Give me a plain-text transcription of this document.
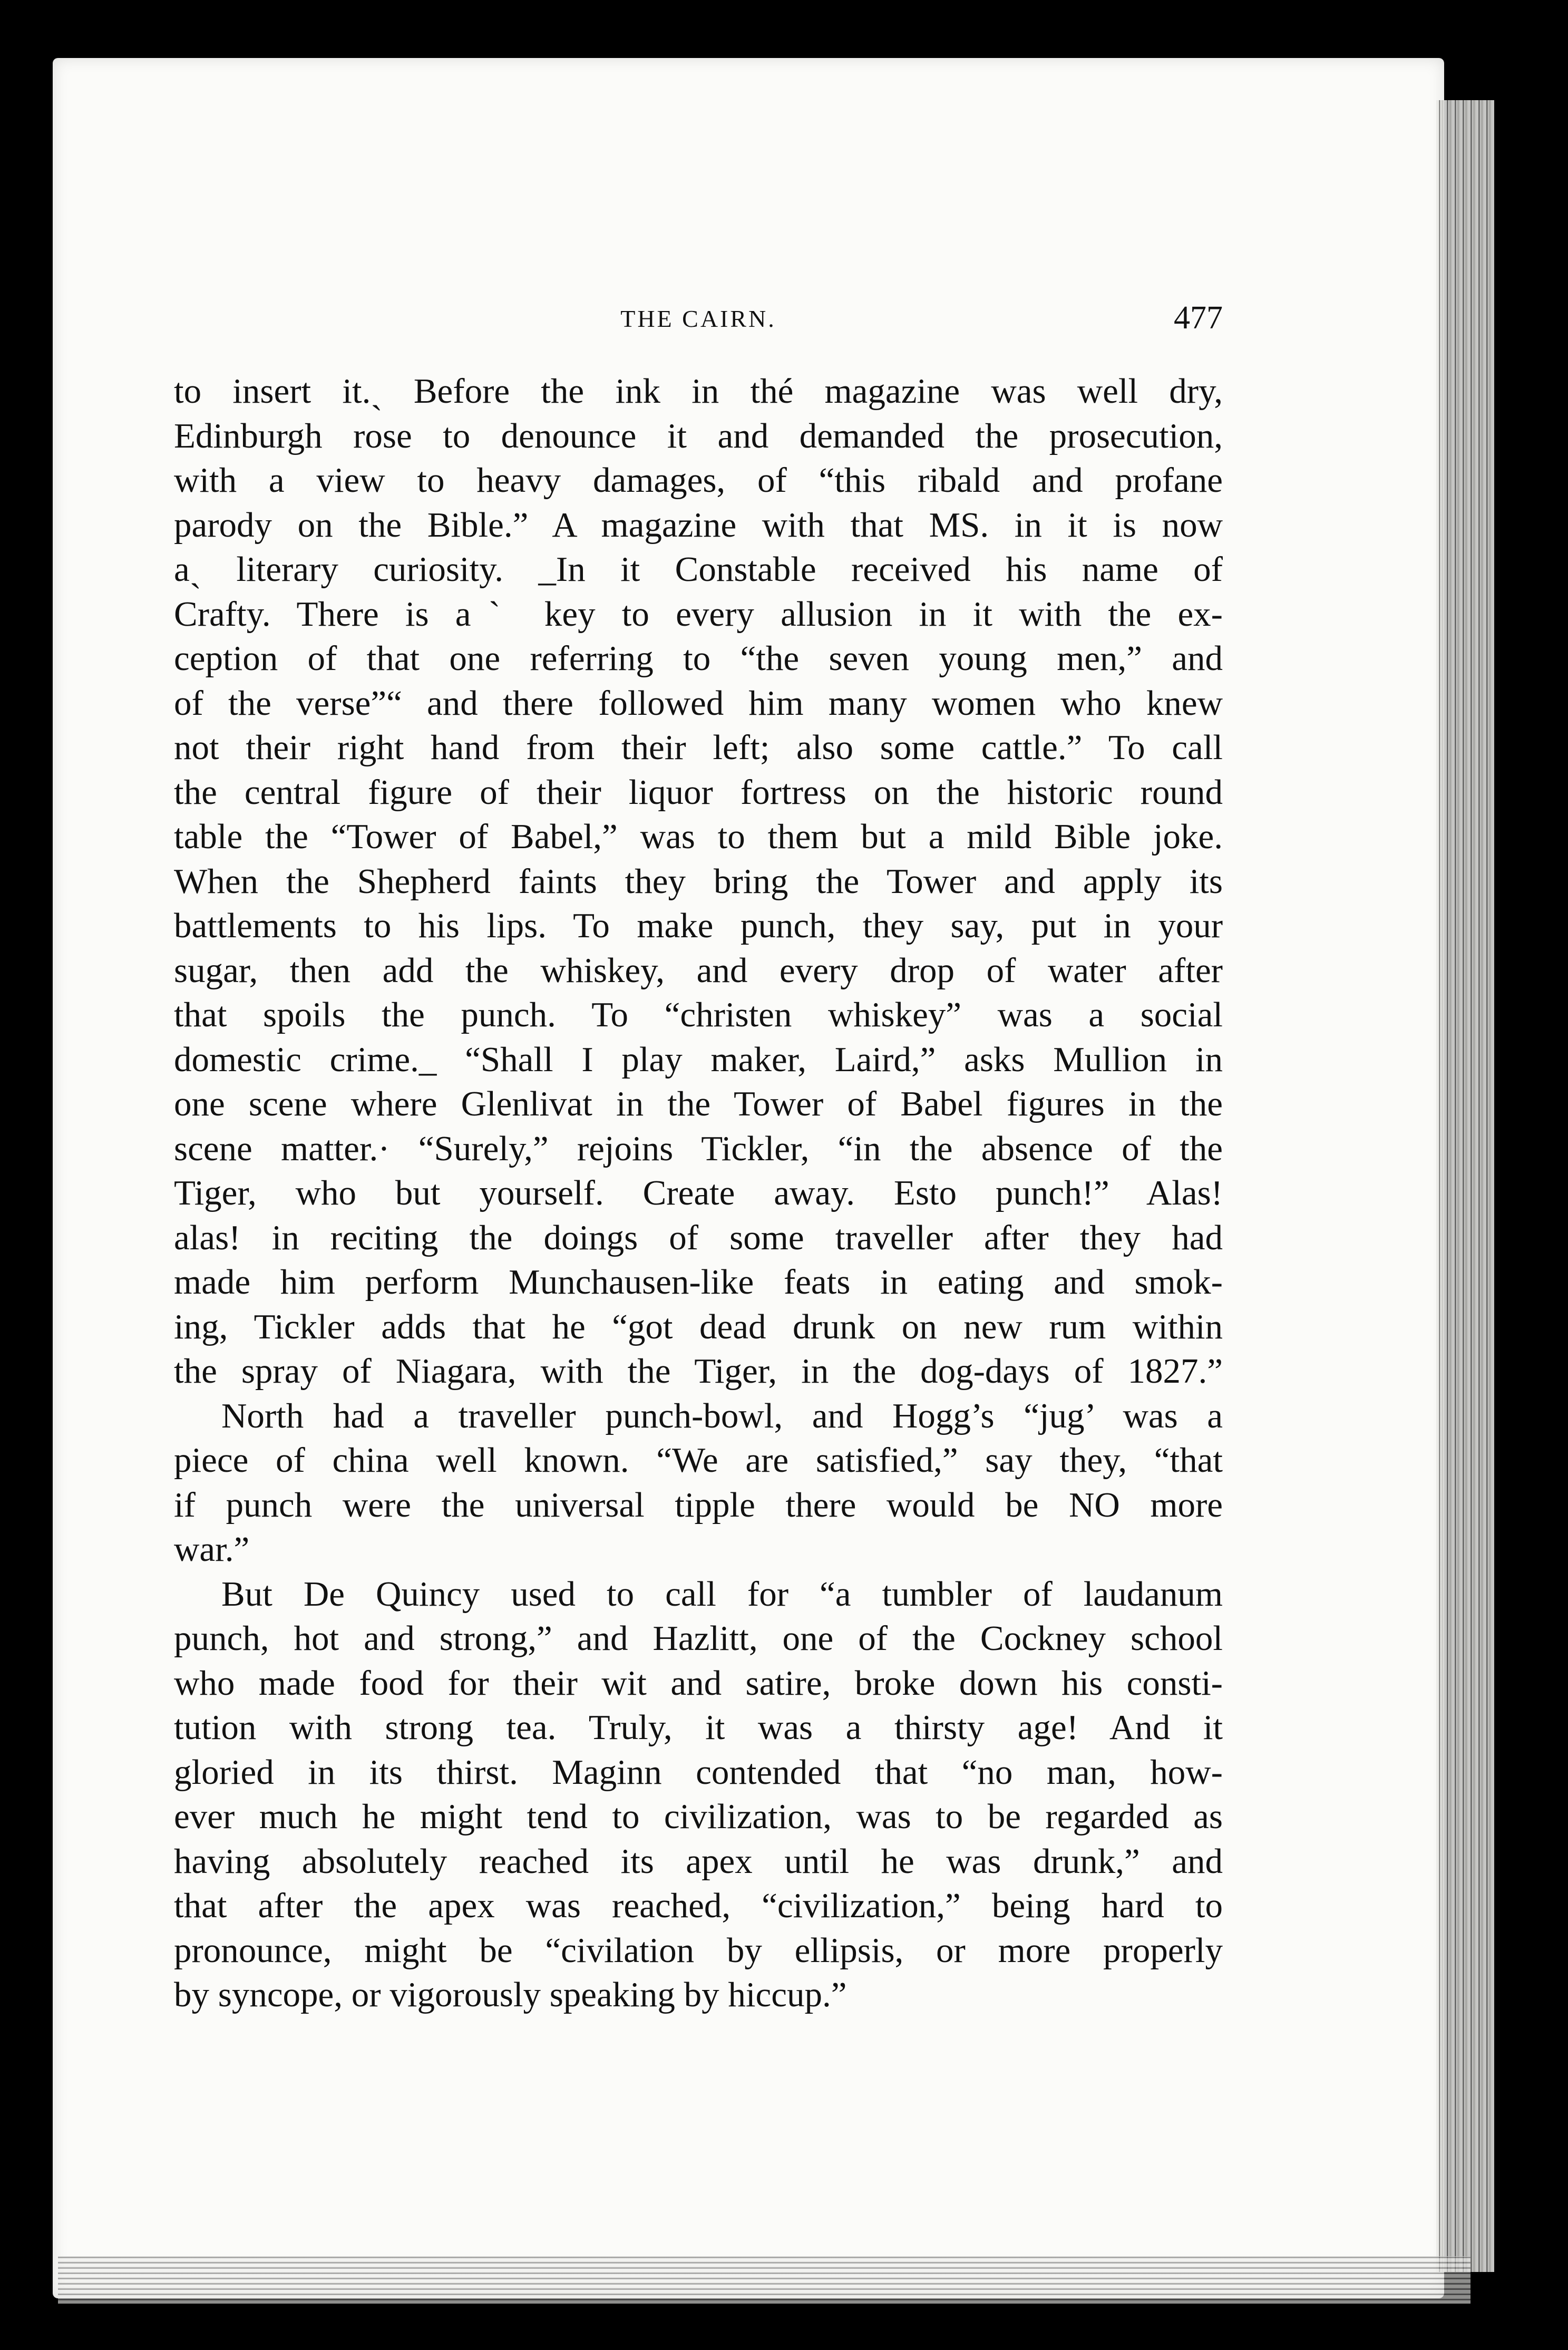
THE CAIRN.	477
to insert it.ˎ Before the ink in thé magazine was well dry,
Edinburgh rose to denounce it and demanded the prosecution,
with a view to heavy damages, of “this ribald and profane
parody on the Bible.” A magazine with that MS. in it is now
aˎ literary curiosity. _In it Constable received his name of
Crafty. There is aˋ key to every allusion in it with the ex-
ception of that one referring to “the seven young men,” and
of the verse”“ and there followed him many women who knew
not their right hand from their left; also some cattle.” To call
the central figure of their liquor fortress on the historic round
table the “Tower of Babel,” was to them but a mild Bible joke.
When the Shepherd faints they bring the Tower and apply its
battlements to his lips. To make punch, they say, put in your
sugar, then add the whiskey, and every drop of water after
that spoils the punch. To “christen whiskey” was a social
domestic crime._ “Shall I play maker, Laird,” asks Mullion in
one scene where Glenlivat in the Tower of Babel figures in the
scene matter.· “Surely,” rejoins Tickler, “in the absence of the
Tiger, who but yourself. Create away. Esto punch!” Alas!
alas! in reciting the doings of some traveller after they had
made him perform Munchausen-like feats in eating and smok-
ing, Tickler adds that he “got dead drunk on new rum within
the spray of Niagara, with the Tiger, in the dog-days of 1827.”
North had a traveller punch-bowl, and Hogg’s “jug’ was a
piece of china well known. “We are satisfied,” say they, “that
if punch were the universal tipple there would be NO more
war.”
But De Quincy used to call for “a tumbler of laudanum
punch, hot and strong,” and Hazlitt, one of the Cockney school
who made food for their wit and satire, broke down his consti-
tution with strong tea. Truly, it was a thirsty age! And it
gloried in its thirst. Maginn contended that “no man, how-
ever much he might tend to civilization, was to be regarded as
having absolutely reached its apex until he was drunk,” and
that after the apex was reached, “civilization,” being hard to
pronounce, might be “civilation by ellipsis, or more properly
by syncope, or vigorously speaking by hiccup.”
